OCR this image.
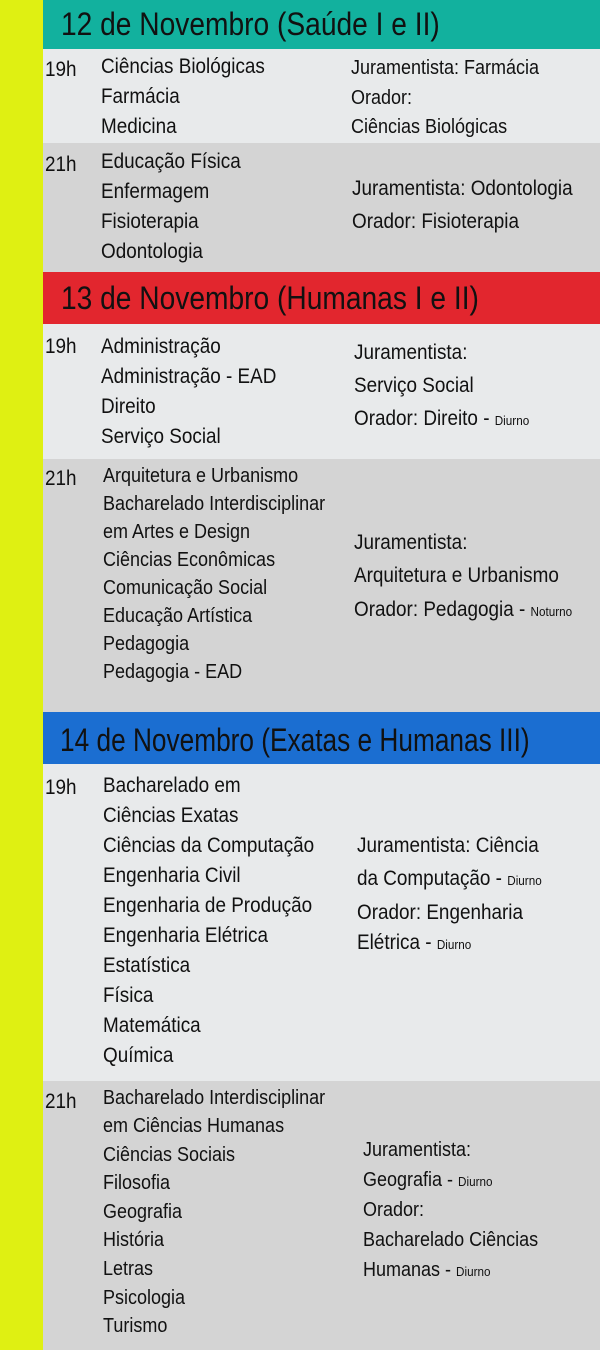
12 de Novembro (Saúde I e II)
19h Ciências Biológicas
Farmácia
Medicina
Juramentista: Farmácia
Orador:
Ciências Biológicas
21h Educação Física
Enfermagem
Fisioterapia
Odontologia
Juramentista: Odontologia
Orador: Fisioterapia
13 de Novembro (Humanas I e II)
19h Administração
Administração - EAD
Direito
Serviço Social
Juramentista:
Serviço Social
Orador: Direito - Diurno
21h Arquitetura e Urbanismo
Bacharelado Interdisciplinar
em Artes e Design
Ciências Econômicas
Comunicação Social
Educação Artística
Pedagogia
Pedagogia - EAD
Juramentista:
Arquitetura e Urbanismo
Orador: Pedagogia - Noturno
14 de Novembro (Exatas e Humanas III)
19h Bacharelado em
Ciências Exatas
Ciências da Computação
Engenharia Civil
Engenharia de Produção
Engenharia Elétrica
Estatística
Física
Matemática
Química
Juramentista: Ciência
da Computação - Diurno
Orador: Engenharia
Elétrica - Diurno
21h Bacharelado Interdisciplinar
em Ciências Humanas
Ciências Sociais
Filosofia
Geografia
História
Letras
Psicologia
Turismo
Juramentista:
Geografia - Diurno
Orador:
Bacharelado Ciências
Humanas - Diurno
